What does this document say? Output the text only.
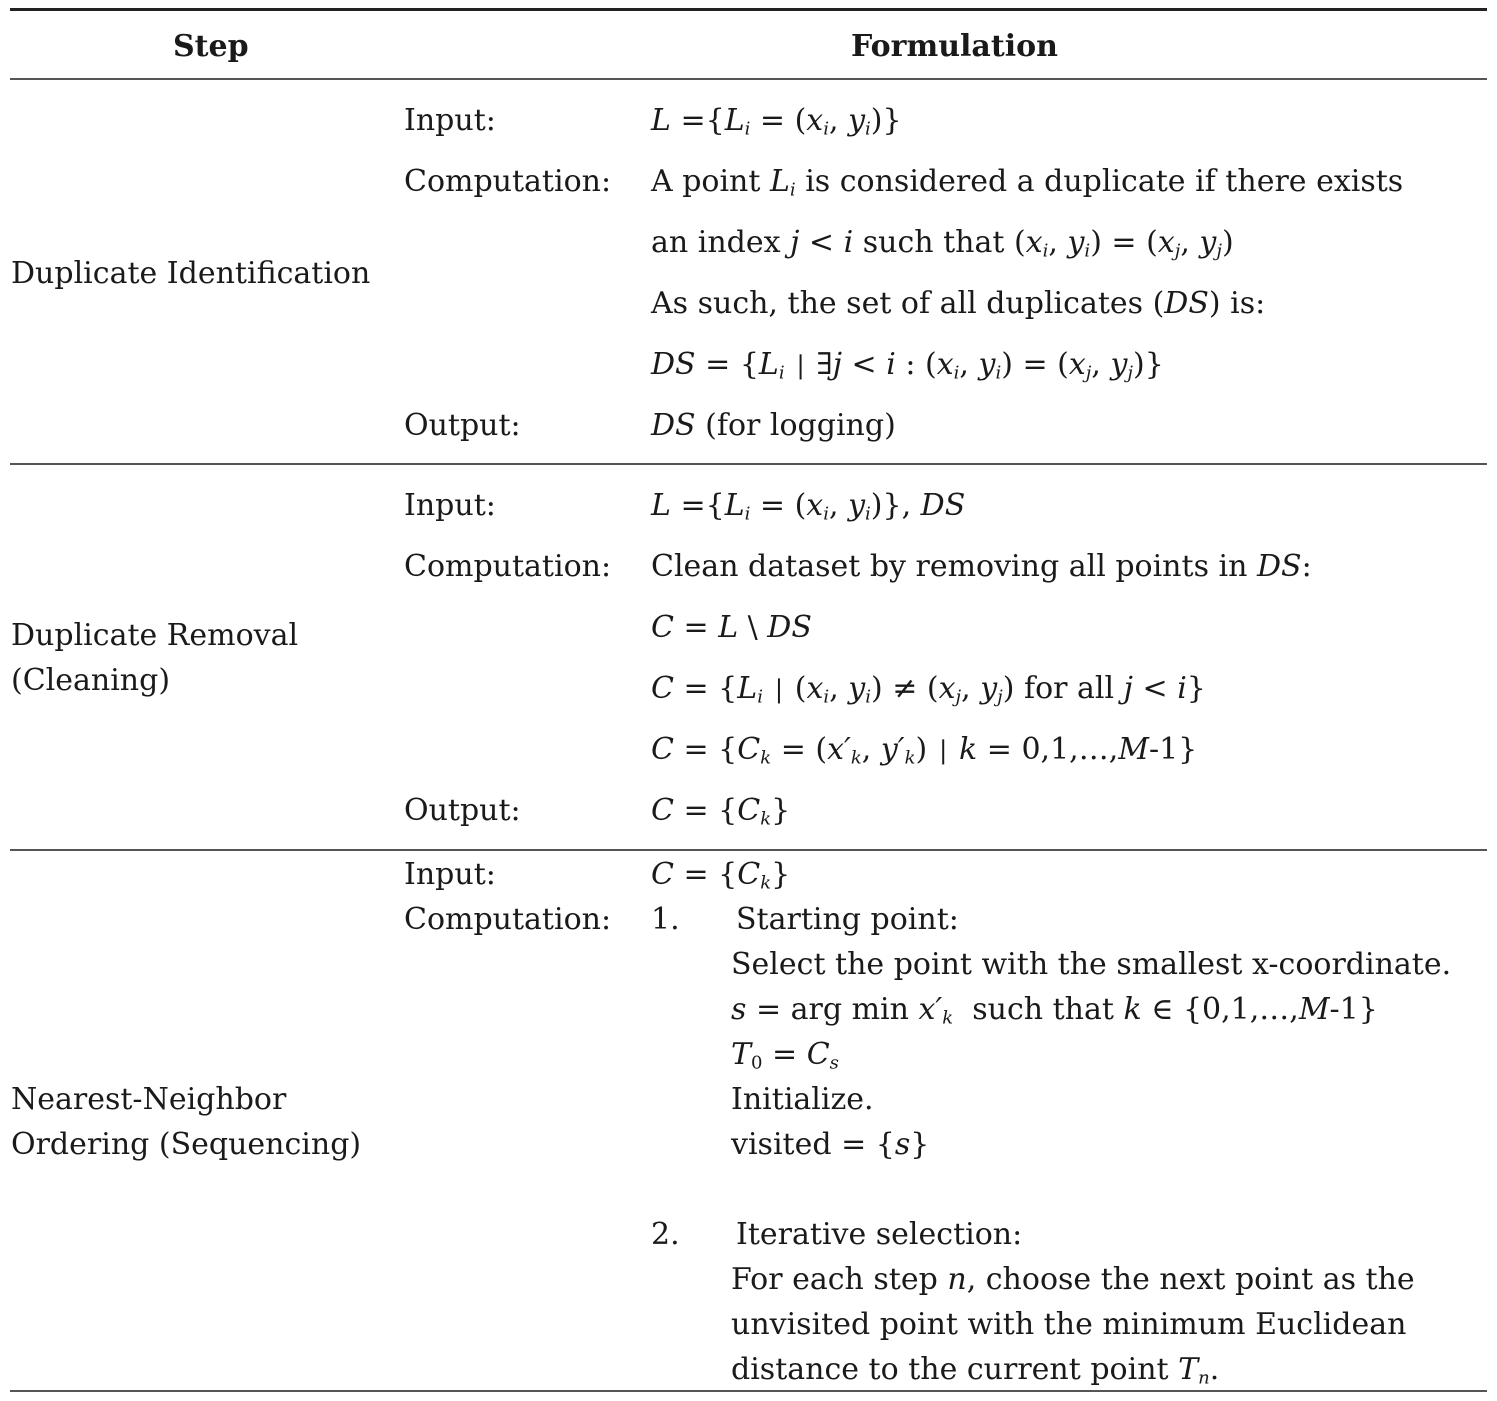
Step	Formulation
Duplicate Identification
Input:	$L =\{L_i = (x_i$, $y_i$)}
Computation: A point $L_i$ is considered a duplicate if there exists
an index j < i such that ($x_i$, $y_i) = (x_j$, $y_j$)
As such, the set of all duplicates (DS) is:
DS = {$L_i$ ∣ ∃j < i : ($x_i$, $y_i) = (x_j$, $y_j$)}
Output:	DS (for logging)
Duplicate Removal
(Cleaning)
Input:	$L =\{L_i = (x_i$, $y_i$)}, DS
Computation: Clean dataset by removing all points in DS:
C = L \ DS
$C = \{L_i$ ∣ ($x_i$, $y_i) \ne (x_j$, $y_j$) for all j < i}
$C = \{C_k = (x'_k$, $y'_k$) ∣ k = 0,1,…,M-1}
Output:	$C = \{C_k\}$
Nearest-Neighbor
Ordering (Sequencing)
Input:	$C = \{C_k\}$
Computation: 1. Starting point:
Select the point with the smallest x-coordinate.
s = arg $\min x'_k$ such that k ∈ {0,1,…,M-1}
$T_0 = C_s$
Initialize.
visited = {s}
2. Iterative selection:
For each step n, choose the next point as the
unvisited point with the minimum Euclidean
distance to the current point $T_n$.
